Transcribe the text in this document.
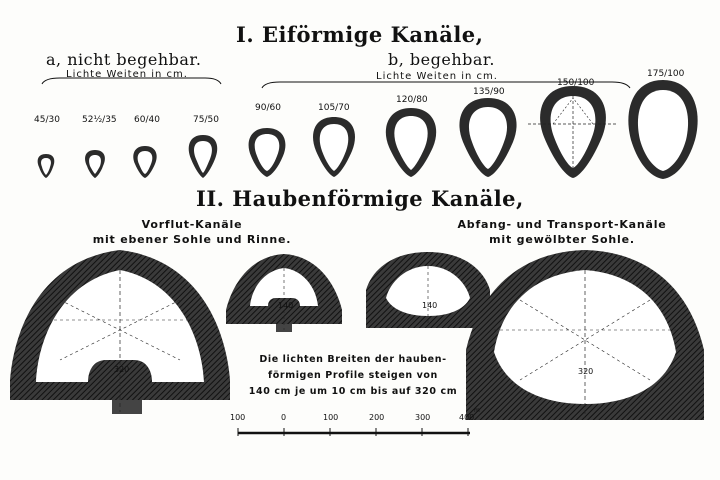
I. Eiförmige Kanäle,
a, nicht begehbar.
Lichte Weiten in cm.
b, begehbar.
Lichte Weiten in cm.
45/30 52½/35 60/40	75/50
90/60	105/70
120/80
135/90
150/100
175/100
II. Haubenförmige Kanäle,
Vorflut-Kanäle
mit ebener Sohle und Rinne.
Abfang- und Transport-Kanäle
mit gewölbter Sohle.
140	140
320	320
Die lichten Breiten der hauben-
förmigen Profile steigen von
140 cm je um 10 cm bis auf 320 cm
100	0	100	200	300	400
m
